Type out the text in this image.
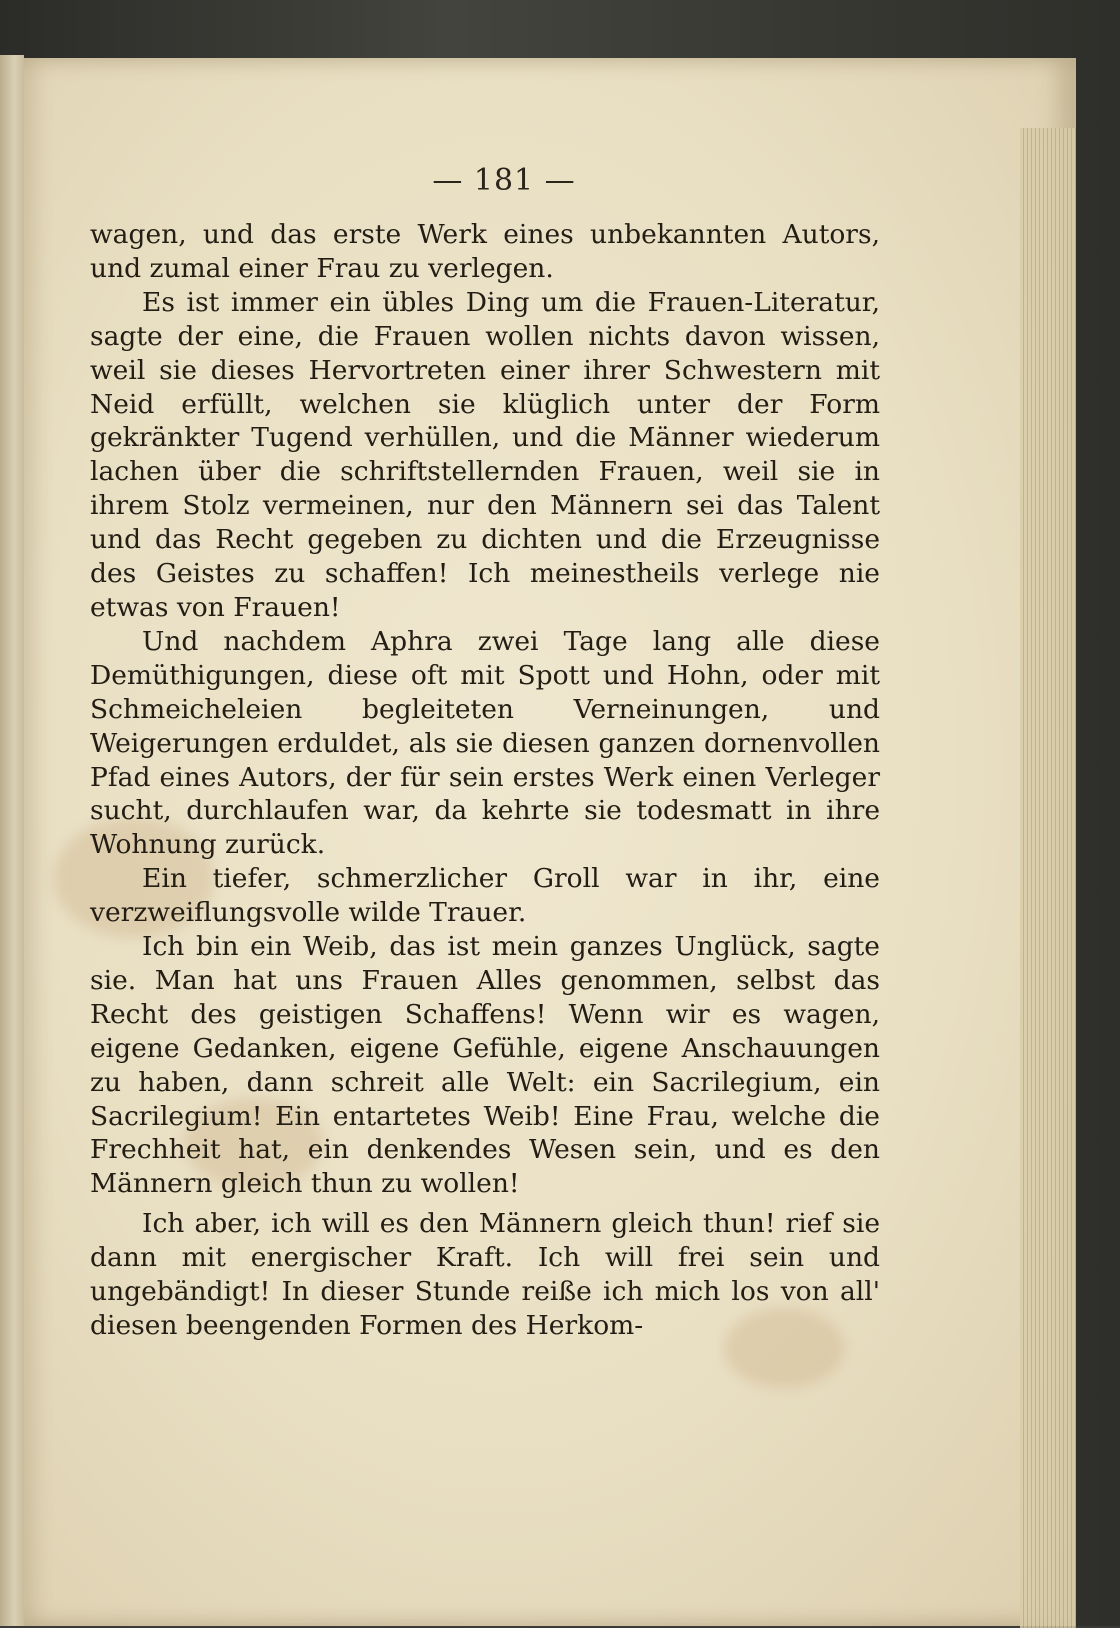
— 181 —

wagen, und das erste Werk eines unbekannten Autors, und zumal einer Frau zu verlegen.

Es ist immer ein übles Ding um die Frauen-Literatur, sagte der eine, die Frauen wollen nichts davon wissen, weil sie dieses Hervortreten einer ihrer Schwestern mit Neid erfüllt, welchen sie klüglich unter der Form gekränkter Tugend verhüllen, und die Männer wiederum lachen über die schriftstellernden Frauen, weil sie in ihrem Stolz vermeinen, nur den Männern sei das Talent und das Recht gegeben zu dichten und die Erzeugnisse des Geistes zu schaffen! Ich meinestheils verlege nie etwas von Frauen!

Und nachdem Aphra zwei Tage lang alle diese Demüthigungen, diese oft mit Spott und Hohn, oder mit Schmeicheleien begleiteten Verneinungen, und Weigerungen erduldet, als sie diesen ganzen dornenvollen Pfad eines Autors, der für sein erstes Werk einen Verleger sucht, durchlaufen war, da kehrte sie todesmatt in ihre Wohnung zurück.

Ein tiefer, schmerzlicher Groll war in ihr, eine verzweiflungsvolle wilde Trauer.

Ich bin ein Weib, das ist mein ganzes Unglück, sagte sie. Man hat uns Frauen Alles genommen, selbst das Recht des geistigen Schaffens! Wenn wir es wagen, eigene Gedanken, eigene Gefühle, eigene Anschauungen zu haben, dann schreit alle Welt: ein Sacrilegium, ein Sacrilegium! Ein entartetes Weib! Eine Frau, welche die Frechheit hat, ein denkendes Wesen sein, und es den Männern gleich thun zu wollen!

Ich aber, ich will es den Männern gleich thun! rief sie dann mit energischer Kraft. Ich will frei sein und ungebändigt! In dieser Stunde reiße ich mich los von all' diesen beengenden Formen des Herkom-
